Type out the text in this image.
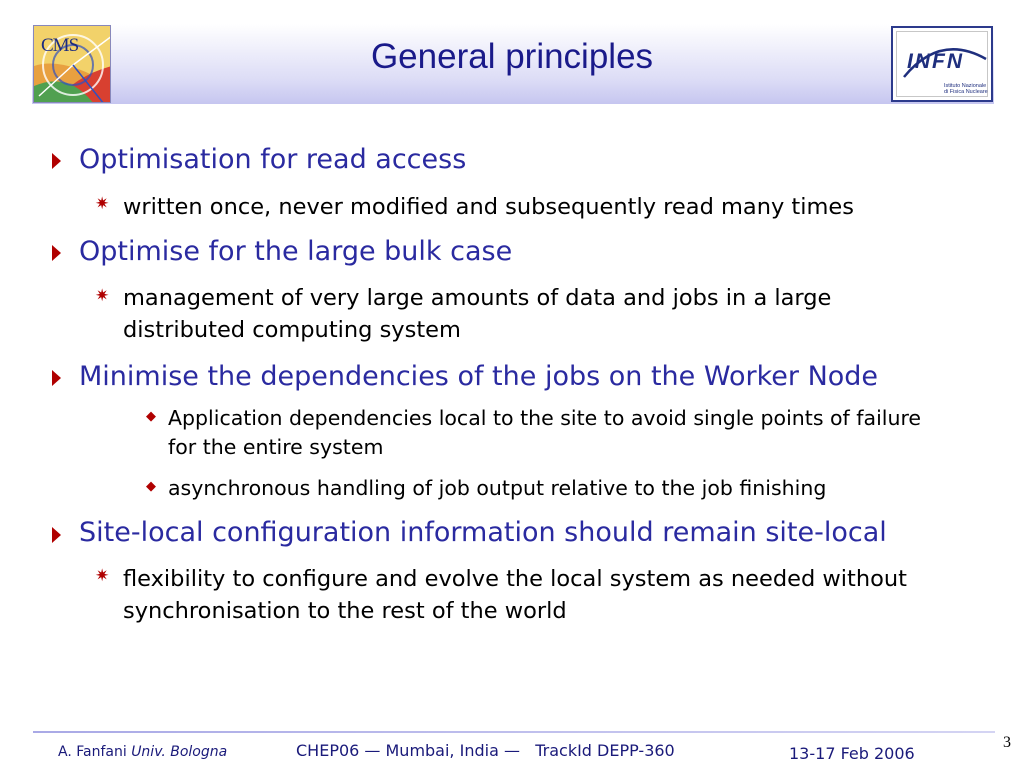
General principles
CMS
INFN
Istituto Nazionale
di Fisica Nucleare
Optimisation for read access
✷ written once, never modified and subsequently read many times
Optimise for the large bulk case
✷ management of very large amounts of data and jobs in a large distributed computing system
Minimise the dependencies of the jobs on the Worker Node
◆ Application dependencies local to the site to avoid single points of failure for the entire system
◆ asynchronous handling of job output relative to the job finishing
Site-local configuration information should remain site-local
✷ flexibility to configure and evolve the local system as needed without synchronisation to the rest of the world
A. Fanfani Univ. Bologna	CHEP06 — Mumbai, India —   TrackId DEPP-360	13-17 Feb 2006
3
